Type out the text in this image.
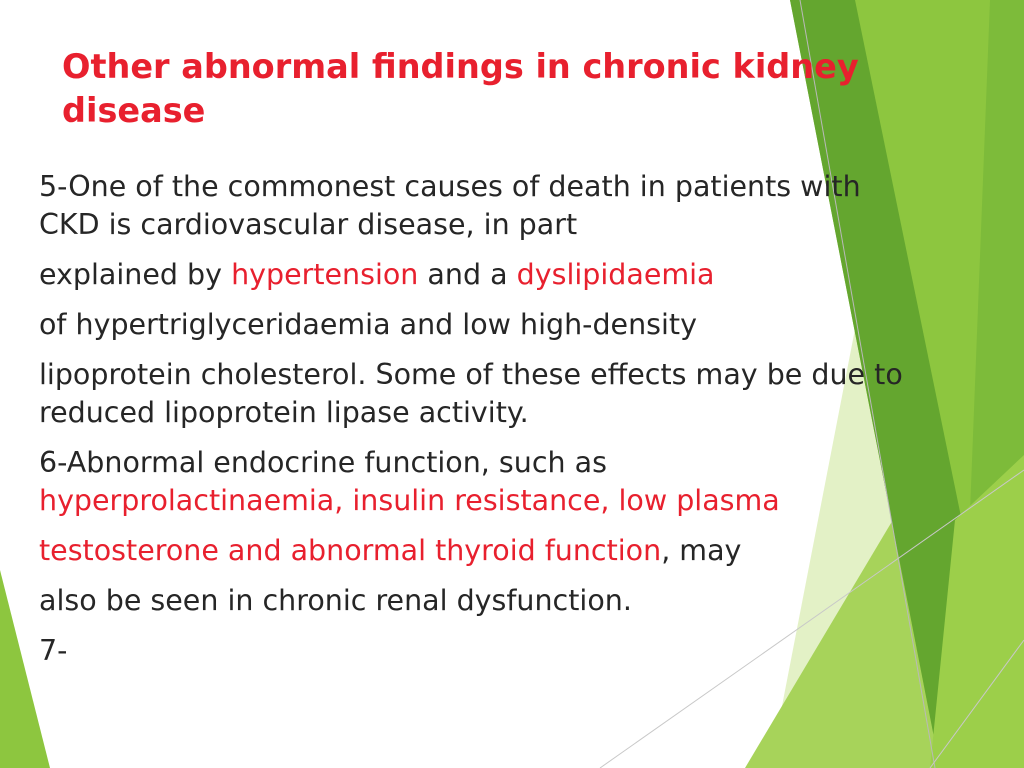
Other abnormal findings in chronic kidney
disease

5-One of the commonest causes of death in patients with
CKD is cardiovascular disease, in part

explained by hypertension and a dyslipidaemia

of hypertriglyceridaemia and low high-density

lipoprotein cholesterol. Some of these effects may be due to
reduced lipoprotein lipase activity.

6-Abnormal endocrine function, such as
hyperprolactinaemia, insulin resistance, low plasma

testosterone and abnormal thyroid function, may

also be seen in chronic renal dysfunction.

7-
